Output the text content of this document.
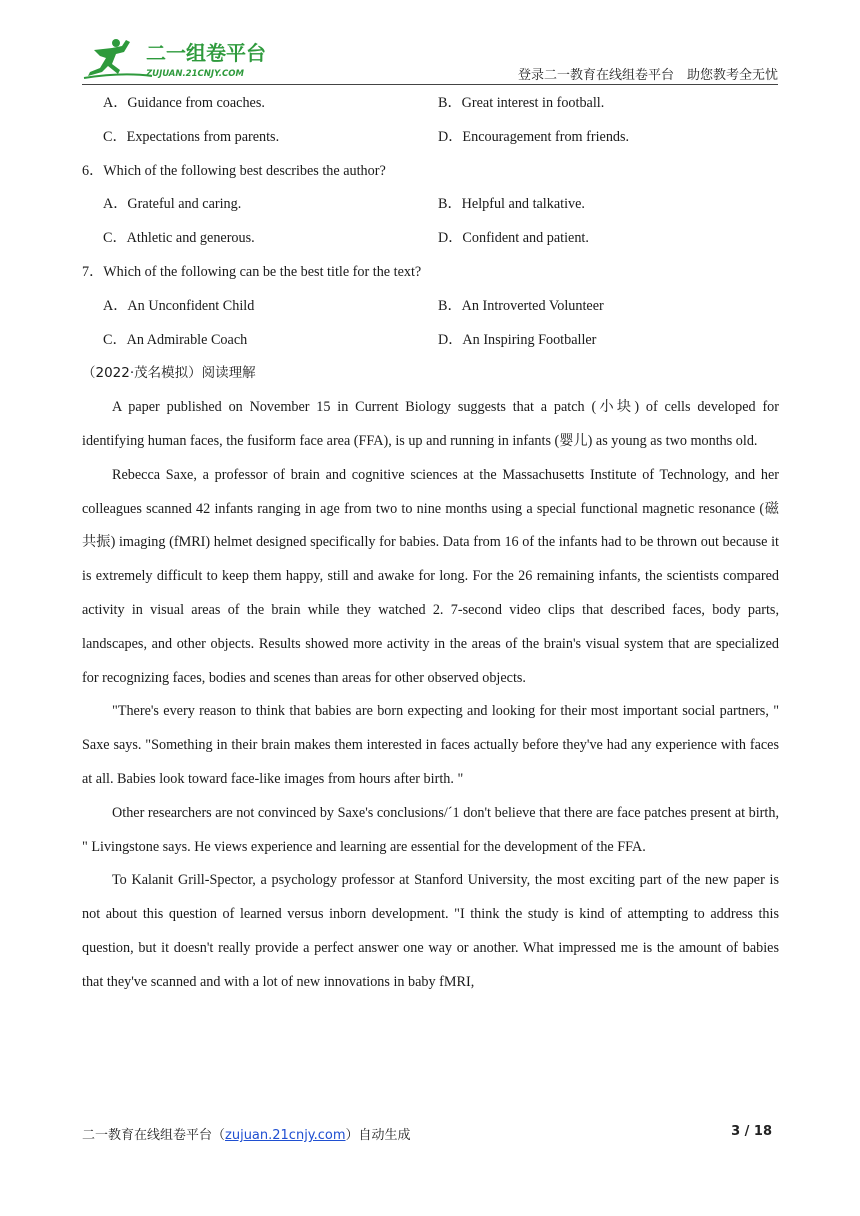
二一组卷平台
ZUJUAN.21CNJY.COM	登录二一教育在线组卷平台　助您教考全无忧
A．Guidance from coaches.	B．Great interest in football.
C．Expectations from parents.	D．Encouragement from friends.
6．Which of the following best describes the author?
A．Grateful and caring.	B．Helpful and talkative.
C．Athletic and generous.	D．Confident and patient.
7．Which of the following can be the best title for the text?
A．An Unconfident Child	B．An Introverted Volunteer
C．An Admirable Coach	D．An Inspiring Footballer
（2022·茂名模拟）阅读理解

A paper published on November 15 in Current Biology suggests that a patch (小块) of cells developed for identifying human faces, the fusiform face area (FFA), is up and running in infants (婴儿) as young as two months old.

Rebecca Saxe, a professor of brain and cognitive sciences at the Massachusetts Institute of Technology, and her colleagues scanned 42 infants ranging in age from two to nine months using a special functional magnetic resonance (磁共振) imaging (fMRI) helmet designed specifically for babies. Data from 16 of the infants had to be thrown out because it is extremely difficult to keep them happy, still and awake for long. For the 26 remaining infants, the scientists compared activity in visual areas of the brain while they watched 2. 7-second video clips that described faces, body parts, landscapes, and other objects. Results showed more activity in the areas of the brain's visual system that are specialized for recognizing faces, bodies and scenes than areas for other observed objects.

"There's every reason to think that babies are born expecting and looking for their most important social partners, " Saxe says. "Something in their brain makes them interested in faces actually before they've had any experience with faces at all. Babies look toward face-like images from hours after birth. "

Other researchers are not convinced by Saxe's conclusions/´1 don't believe that there are face patches present at birth, " Livingstone says. He views experience and learning are essential for the development of the FFA.

To Kalanit Grill-Spector, a psychology professor at Stanford University, the most exciting part of the new paper is not about this question of learned versus inborn development. "I think the study is kind of attempting to address this question, but it doesn't really provide a perfect answer one way or another. What impressed me is the amount of babies that they've scanned and with a lot of new innovations in baby fMRI,

二一教育在线组卷平台（zujuan.21cnjy.com）自动生成	3 / 18
